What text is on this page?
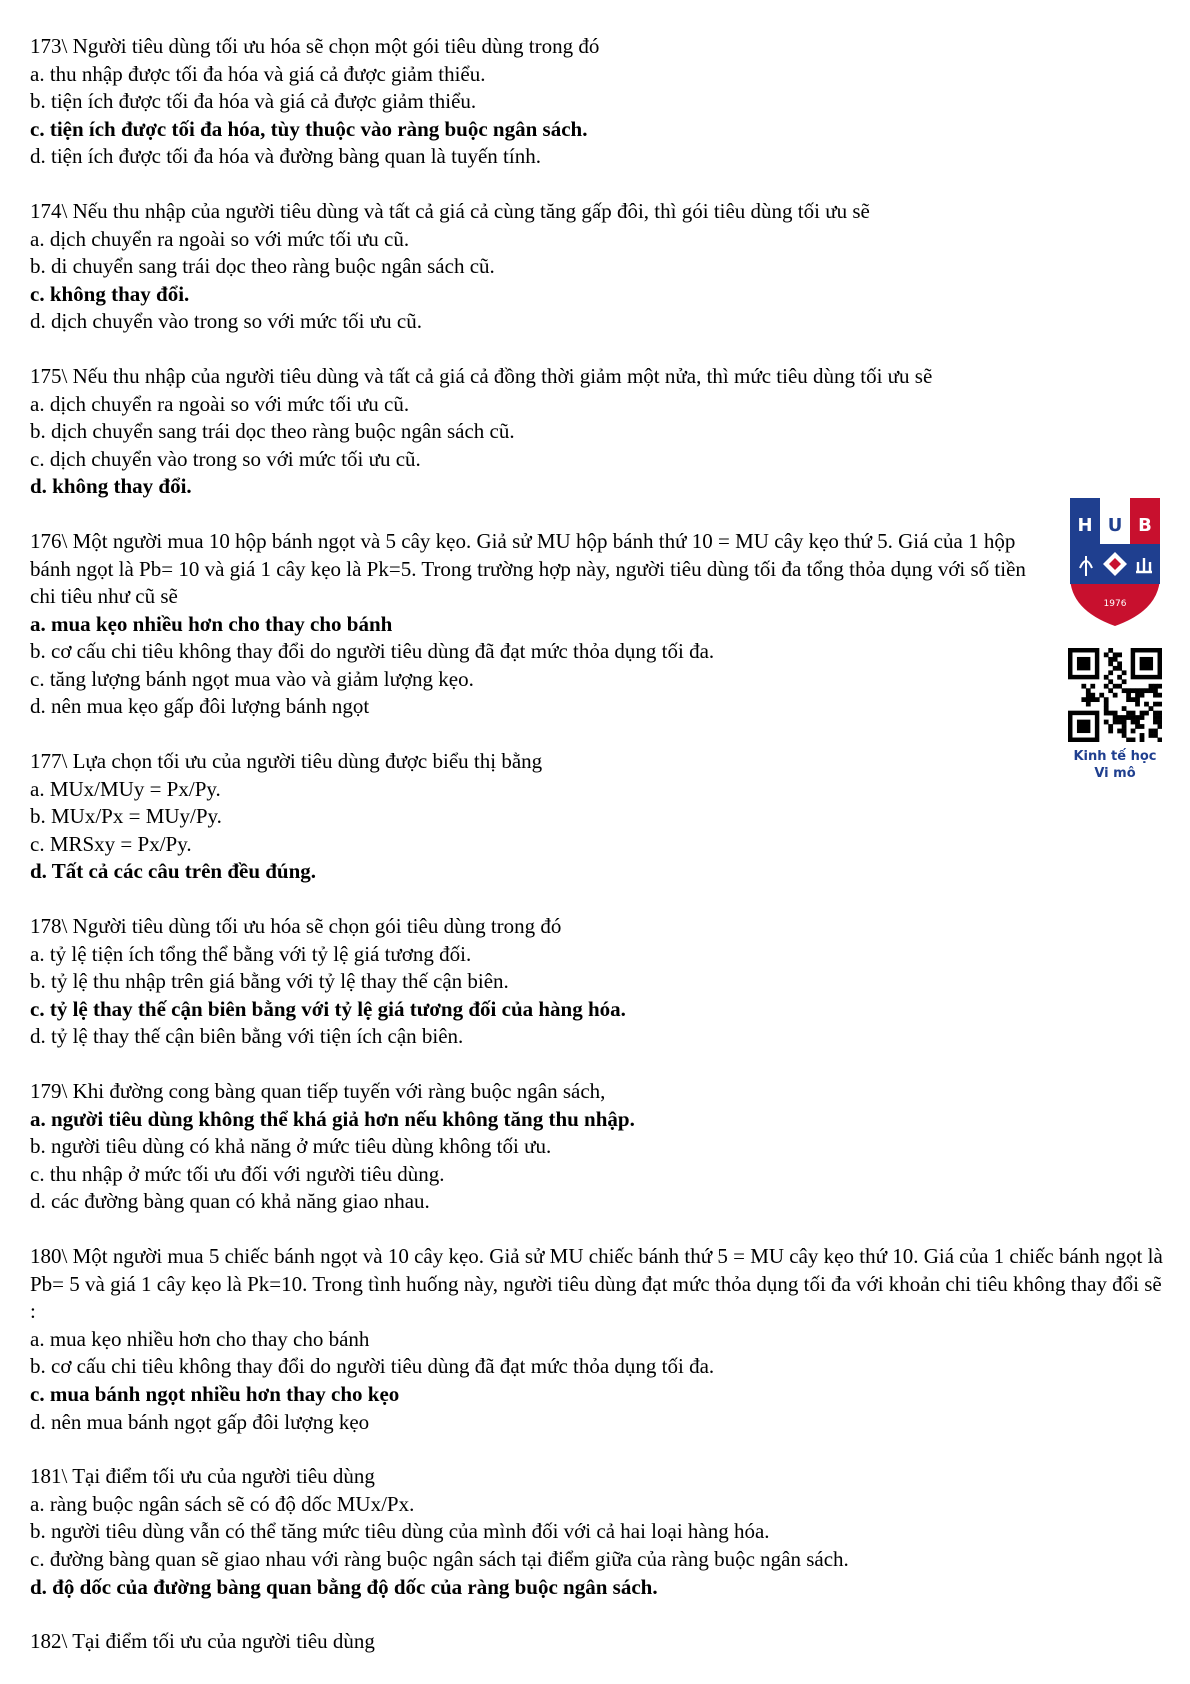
173\ Người tiêu dùng tối ưu hóa sẽ chọn một gói tiêu dùng trong đó

a. thu nhập được tối đa hóa và giá cả được giảm thiểu.

b. tiện ích được tối đa hóa và giá cả được giảm thiểu.

c. tiện ích được tối đa hóa, tùy thuộc vào ràng buộc ngân sách.

d. tiện ích được tối đa hóa và đường bàng quan là tuyến tính.

174\ Nếu thu nhập của người tiêu dùng và tất cả giá cả cùng tăng gấp đôi, thì gói tiêu dùng tối ưu sẽ

a. dịch chuyển ra ngoài so với mức tối ưu cũ.

b. di chuyển sang trái dọc theo ràng buộc ngân sách cũ.

c. không thay đổi.

d. dịch chuyển vào trong so với mức tối ưu cũ.

175\ Nếu thu nhập của người tiêu dùng và tất cả giá cả đồng thời giảm một nửa, thì mức tiêu dùng tối ưu sẽ

a. dịch chuyển ra ngoài so với mức tối ưu cũ.

b. dịch chuyển sang trái dọc theo ràng buộc ngân sách cũ.

c. dịch chuyển vào trong so với mức tối ưu cũ.

d. không thay đổi.

176\ Một người mua 10 hộp bánh ngọt và 5 cây kẹo. Giả sử MU hộp bánh thứ 10 = MU cây kẹo thứ 5. Giá của 1 hộp bánh ngọt là Pb= 10 và giá 1 cây kẹo là Pk=5. Trong trường hợp này, người tiêu dùng tối đa tổng thỏa dụng với số tiền chi tiêu như cũ sẽ

a. mua kẹo nhiều hơn cho thay cho bánh

b. cơ cấu chi tiêu không thay đổi do người tiêu dùng đã đạt mức thỏa dụng tối đa.

c. tăng lượng bánh ngọt mua vào và giảm lượng kẹo.

d. nên mua kẹo gấp đôi lượng bánh ngọt

177\ Lựa chọn tối ưu của người tiêu dùng được biểu thị bằng

a. MUx/MUy = Px/Py.

b. MUx/Px = MUy/Py.

c. MRSxy = Px/Py.

d. Tất cả các câu trên đều đúng.

178\ Người tiêu dùng tối ưu hóa sẽ chọn gói tiêu dùng trong đó

a. tỷ lệ tiện ích tổng thể bằng với tỷ lệ giá tương đối.

b. tỷ lệ thu nhập trên giá bằng với tỷ lệ thay thế cận biên.

c. tỷ lệ thay thế cận biên bằng với tỷ lệ giá tương đối của hàng hóa.

d. tỷ lệ thay thế cận biên bằng với tiện ích cận biên.

179\ Khi đường cong bàng quan tiếp tuyến với ràng buộc ngân sách,

a. người tiêu dùng không thể khá giả hơn nếu không tăng thu nhập.

b. người tiêu dùng có khả năng ở mức tiêu dùng không tối ưu.

c. thu nhập ở mức tối ưu đối với người tiêu dùng.

d. các đường bàng quan có khả năng giao nhau.

180\ Một người mua 5 chiếc bánh ngọt và 10 cây kẹo. Giả sử MU chiếc bánh thứ 5 = MU cây kẹo thứ 10. Giá của 1 chiếc bánh ngọt là Pb= 5 và giá 1 cây kẹo là Pk=10. Trong tình huống này, người tiêu dùng đạt mức thỏa dụng tối đa với khoản chi tiêu không thay đổi sẽ :

a. mua kẹo nhiều hơn cho thay cho bánh

b. cơ cấu chi tiêu không thay đổi do người tiêu dùng đã đạt mức thỏa dụng tối đa.

c. mua bánh ngọt nhiều hơn thay cho kẹo

d. nên mua bánh ngọt gấp đôi lượng kẹo

181\ Tại điểm tối ưu của người tiêu dùng

a. ràng buộc ngân sách sẽ có độ dốc MUx/Px.

b. người tiêu dùng vẫn có thể tăng mức tiêu dùng của mình đối với cả hai loại hàng hóa.

c. đường bàng quan sẽ giao nhau với ràng buộc ngân sách tại điểm giữa của ràng buộc ngân sách.

d. độ dốc của đường bàng quan bằng độ dốc của ràng buộc ngân sách.

182\ Tại điểm tối ưu của người tiêu dùng

H U B
1976
Kinh tế học
Vi mô
